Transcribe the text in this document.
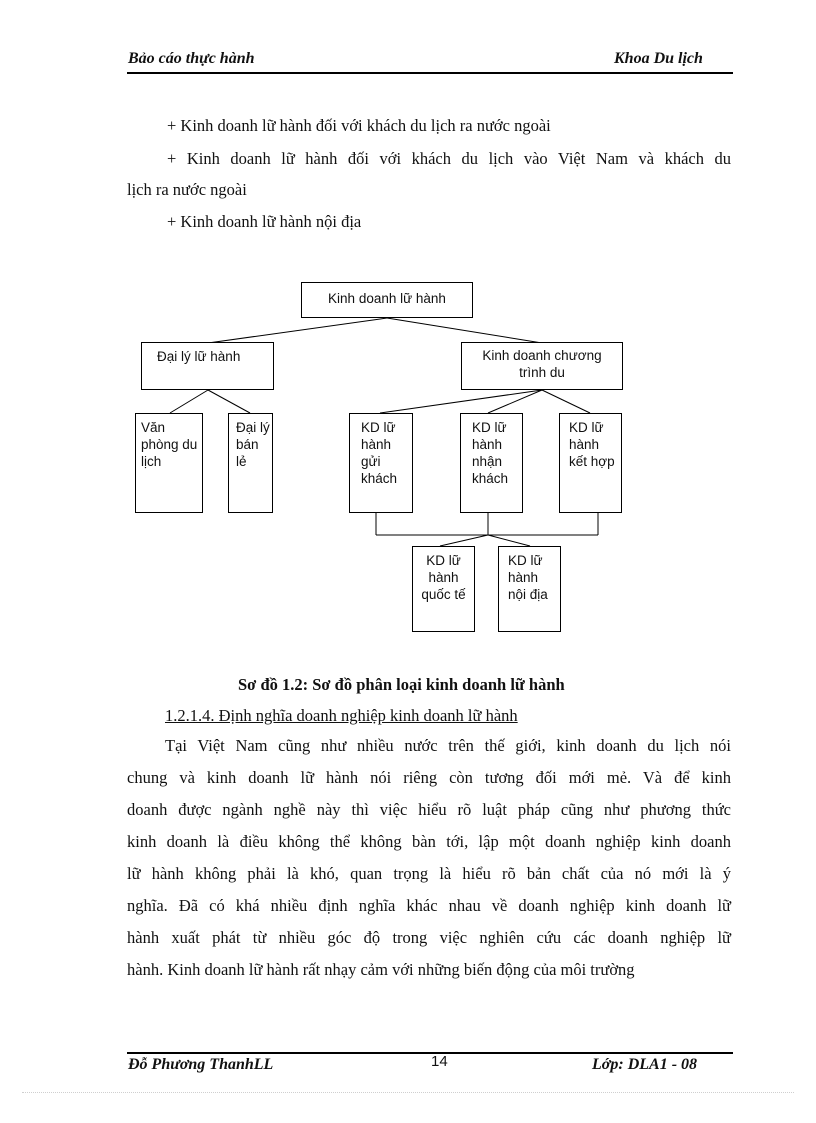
Bảo cáo thực hành	Khoa Du lịch
+ Kinh doanh lữ hành đối với khách du lịch ra nước ngoài
+ Kinh doanh lữ hành đối với khách du lịch vào Việt Nam và khách du
lịch ra nước ngoài
+ Kinh doanh lữ hành nội địa
Kinh doanh lữ hành
Đại lý lữ hành	Kinh doanh chương trình du
Văn phòng du lịch
Đại lý bán lẻ
KD lữ hành gửi khách
KD lữ hành nhận khách
KD lữ hành kết hợp
KD lữ hành quốc tế
KD lữ hành nội địa
Sơ đồ 1.2: Sơ đồ phân loại kinh doanh lữ hành
1.2.1.4. Định nghĩa doanh nghiệp kinh doanh lữ hành
Tại Việt Nam cũng như nhiều nước trên thế giới, kinh doanh du lịch nói
chung và kinh doanh lữ hành nói riêng còn tương đối mới mẻ. Và để kinh
doanh được ngành nghề này thì việc hiểu rõ luật pháp cũng như phương thức
kinh doanh là điều không thể không bàn tới, lập một doanh nghiệp kinh doanh
lữ hành không phải là khó, quan trọng là hiểu rõ bản chất của nó mới là ý
nghĩa. Đã có khá nhiều định nghĩa khác nhau về doanh nghiệp kinh doanh lữ
hành xuất phát từ nhiều góc độ trong việc nghiên cứu các doanh nghiệp lữ
hành. Kinh doanh lữ hành rất nhạy cảm với những biến động của môi trường
Đỗ Phương ThanhLL	14	Lớp: DLA1 - 08
